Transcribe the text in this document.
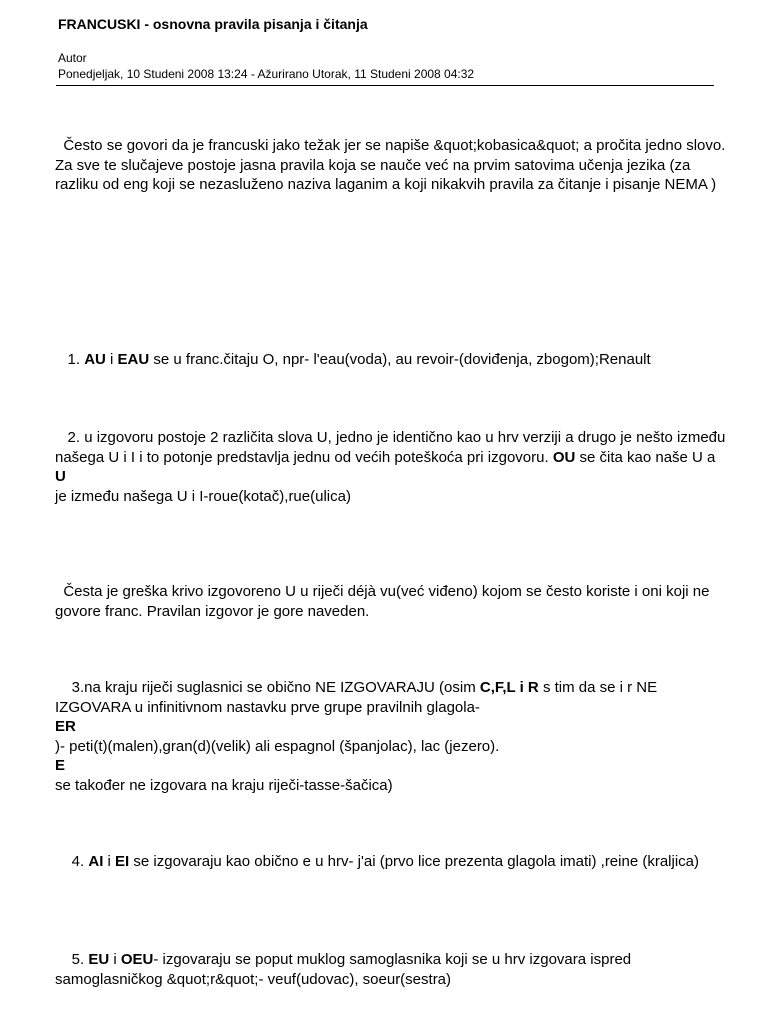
FRANCUSKI - osnovna pravila pisanja i čitanja
Autor
Ponedjeljak, 10 Studeni 2008 13:24 - Ažurirano Utorak, 11 Studeni 2008 04:32
Često se govori da je francuski jako težak jer se napiše &quot;kobasica&quot; a pročita jedno slovo. Za sve te slučajeve postoje jasna pravila koja se nauče već na prvim satovima učenja jezika (za razliku od eng koji se nezasluženo naziva laganim a koji nikakvih pravila za čitanje i pisanje NEMA )
1. AU i EAU se u franc.čitaju O, npr- l'eau(voda), au revoir-(doviđenja, zbogom);Renault
2. u izgovoru postoje 2 različita slova U, jedno je identično kao u hrv verziji a drugo je nešto između našega U i I i to potonje predstavlja jednu od većih poteškoća pri izgovoru. OU se čita kao naše U a
U
je između našega U i I-roue(kotač),rue(ulica)
Česta je greška krivo izgovoreno U u riječi déjà vu(već viđeno) kojom se često koriste i oni koji ne govore franc. Pravilan izgovor je gore naveden.
3.na kraju riječi suglasnici se obično NE IZGOVARAJU (osim C,F,L i R s tim da se i r NE IZGOVARA u infinitivnom nastavku prve grupe pravilnih glagola-
ER
)- peti(t)(malen),gran(d)(velik) ali espagnol (španjolac), lac (jezero).
E
se također ne izgovara na kraju riječi-tasse-šačica)
4. AI i EI se izgovaraju kao obično e u hrv- j'ai (prvo lice prezenta glagola imati) ,reine (kraljica)
5. EU i OEU- izgovaraju se poput muklog samoglasnika koji se u hrv izgovara ispred samoglasničkog &quot;r&quot;- veuf(udovac), soeur(sestra)
